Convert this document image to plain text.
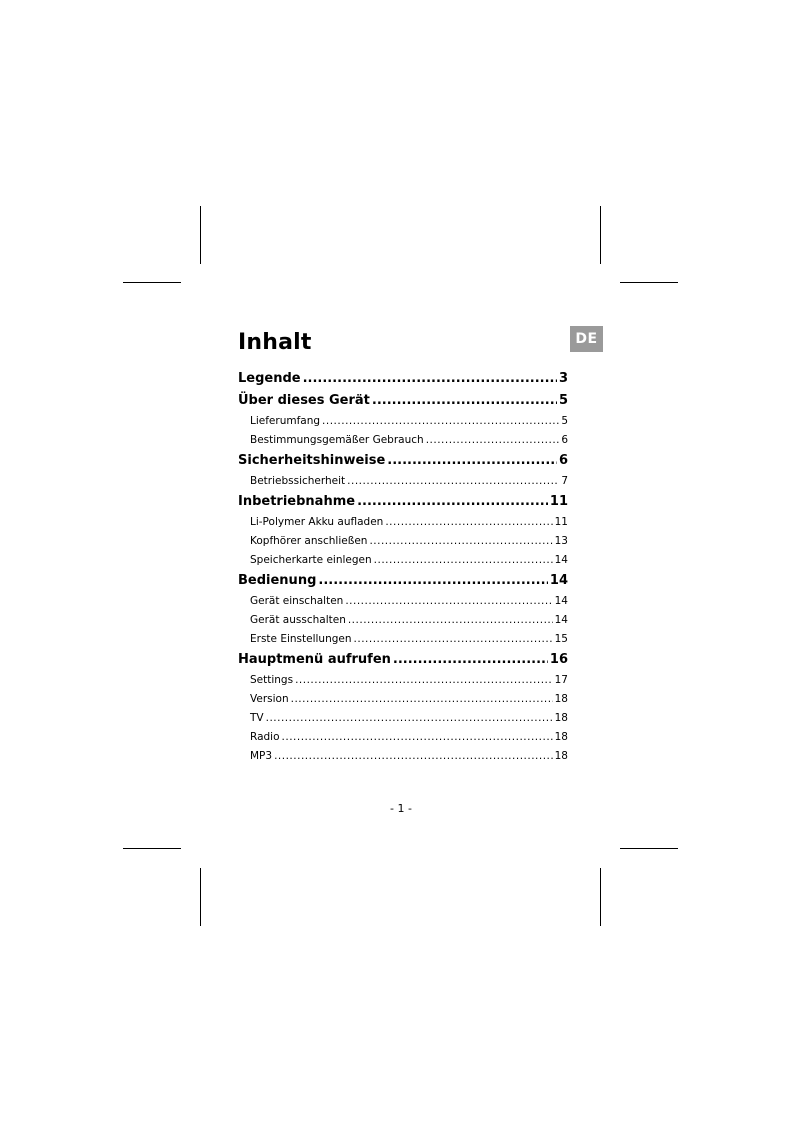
Inhalt	DE
Legende .....	3
Über dieses Gerät .....	5
Lieferumfang .....	5
Bestimmungsgemäßer Gebrauch .....	6
Sicherheitshinweise .....	6
Betriebssicherheit .....	7
Inbetriebnahme .....	11
Li-Polymer Akku aufladen .....	11
Kopfhörer anschließen .....	13
Speicherkarte einlegen .....	14
Bedienung .....	14
Gerät einschalten .....	14
Gerät ausschalten .....	14
Erste Einstellungen .....	15
Hauptmenü aufrufen .....	16
Settings .....	17
Version .....	18
TV .....	18
Radio .....	18
MP3 .....	18
- 1 -
